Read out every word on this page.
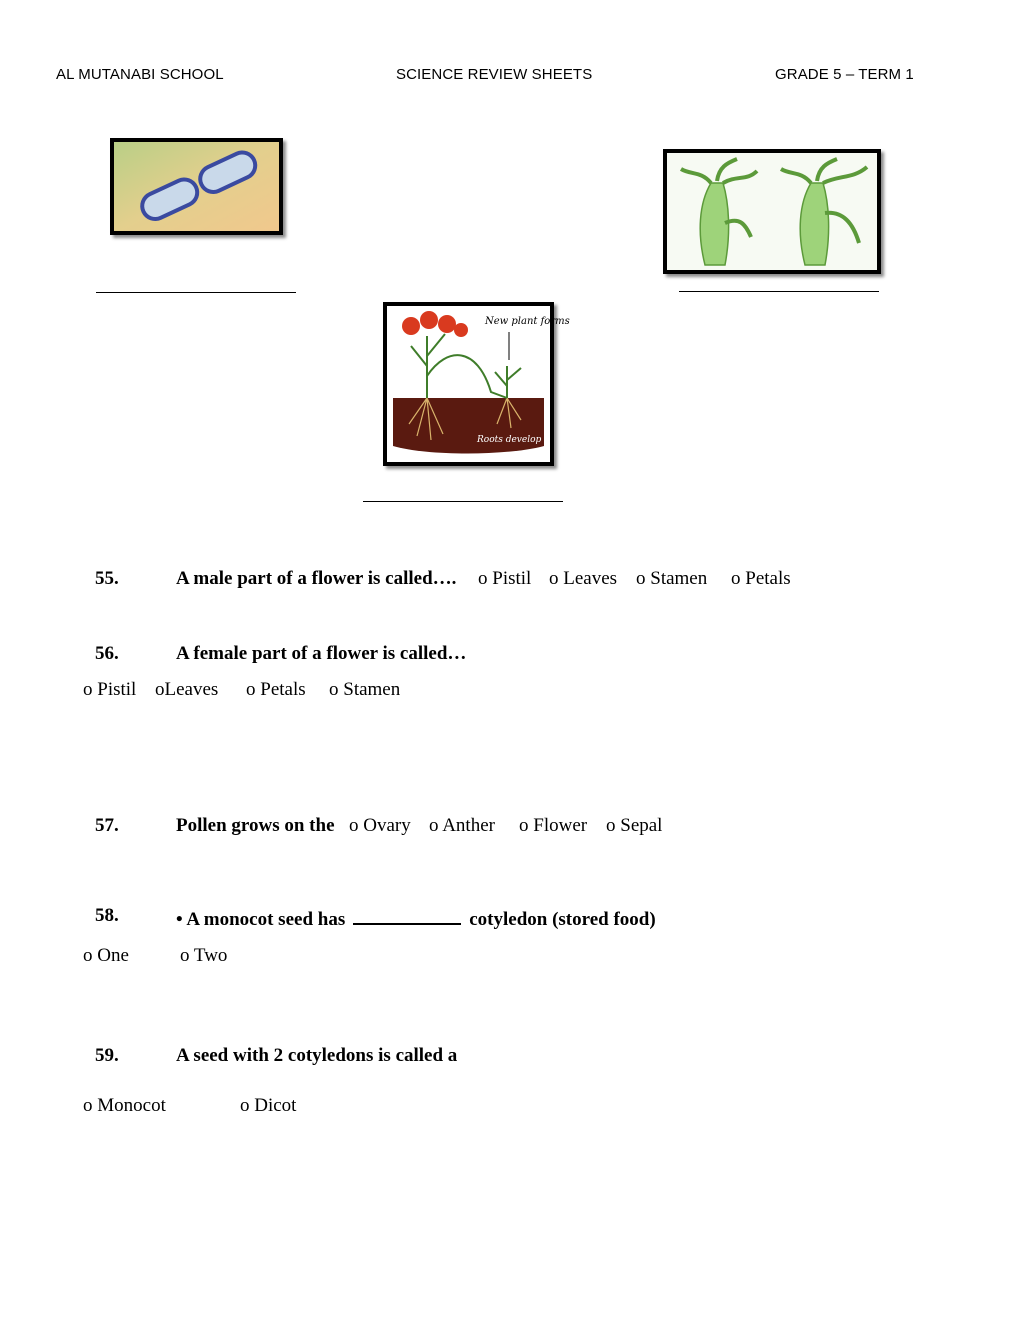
AL MUTANABI SCHOOL	SCIENCE REVIEW SHEETS	GRADE 5 – TERM 1
New plant forms
Roots develop
55.	A male part of a flower is called…. o Pistil o Leaves o Stamen o Petals
56.	A female part of a flower is called…
o Pistil oLeaves o Petals o Stamen
57.	Pollen grows on the o Ovary o Anther o Flower o Sepal
58.	• A monocot seed has	cotyledon (stored food)
o One	o Two
59.	A seed with 2 cotyledons is called a
o Monocot	o Dicot
